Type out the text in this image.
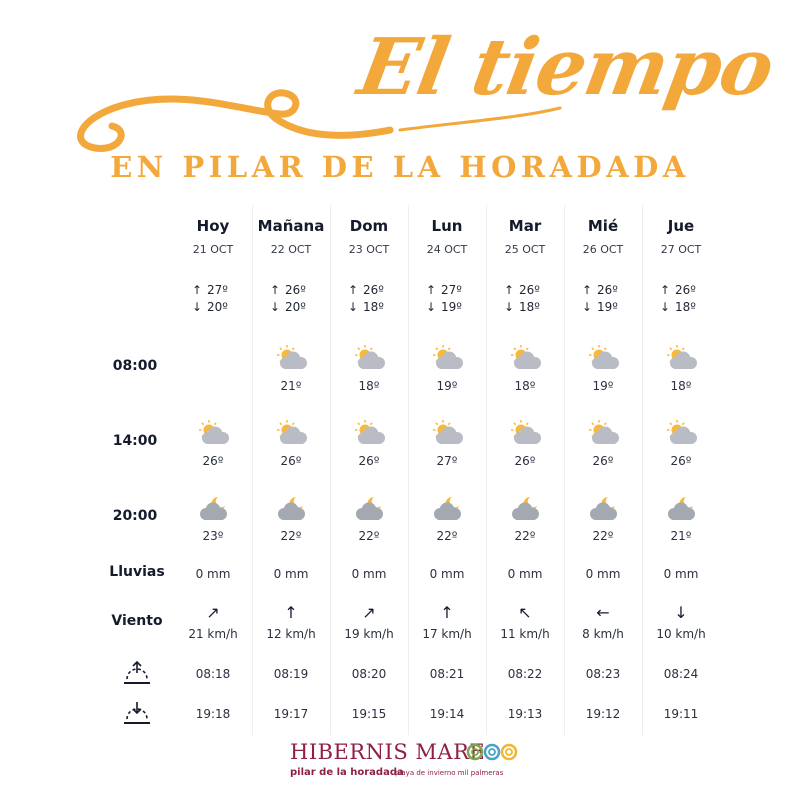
El tiempo
EN PILAR DE LA HORADADA
08:00
14:00
20:00
Lluvias
Viento
Hoy
21 OCT
↑ 27º
↓ 20º
26º
23º
0 mm
↗
21 km/h
08:18
19:18
Mañana
22 OCT
↑ 26º
↓ 20º
21º
26º
22º
0 mm
↑
12 km/h
08:19
19:17
Dom
23 OCT
↑ 26º
↓ 18º
18º
26º
22º
0 mm
↗
19 km/h
08:20
19:15
Lun
24 OCT
↑ 27º
↓ 19º
19º
27º
22º
0 mm
↑
17 km/h
08:21
19:14
Mar
25 OCT
↑ 26º
↓ 18º
18º
26º
22º
0 mm
↖
11 km/h
08:22
19:13
Mié
26 OCT
↑ 26º
↓ 19º
19º
26º
22º
0 mm
←
8 km/h
08:23
19:12
Jue
27 OCT
↑ 26º
↓ 18º
18º
26º
21º
0 mm
↓
10 km/h
08:24
19:11
HIBERNIS MARE
pilar de la horadada
playa de invierno mil palmeras
